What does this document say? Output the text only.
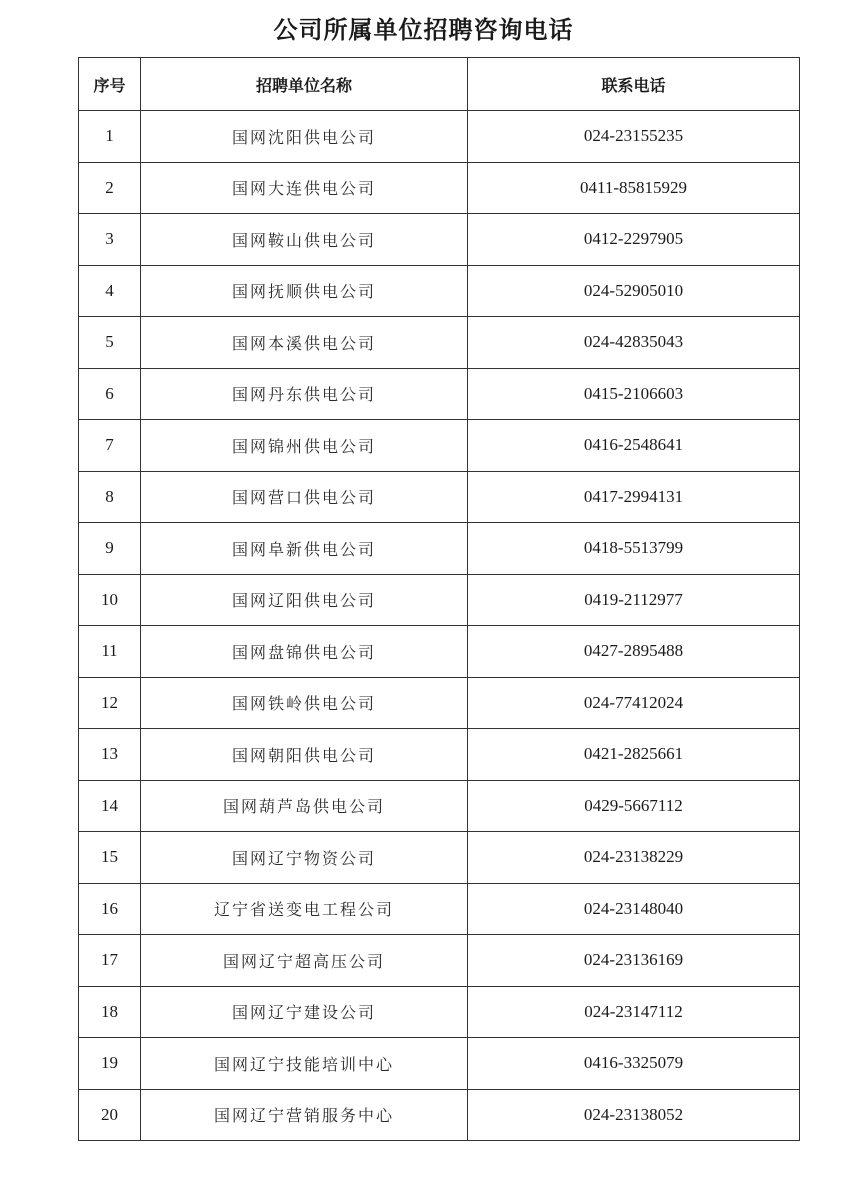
公司所属单位招聘咨询电话
序号	招聘单位名称	联系电话
1	国网沈阳供电公司	024-23155235
2	国网大连供电公司	0411-85815929
3	国网鞍山供电公司	0412-2297905
4	国网抚顺供电公司	024-52905010
5	国网本溪供电公司	024-42835043
6	国网丹东供电公司	0415-2106603
7	国网锦州供电公司	0416-2548641
8	国网营口供电公司	0417-2994131
9	国网阜新供电公司	0418-5513799
10	国网辽阳供电公司	0419-2112977
11	国网盘锦供电公司	0427-2895488
12	国网铁岭供电公司	024-77412024
13	国网朝阳供电公司	0421-2825661
14	国网葫芦岛供电公司	0429-5667112
15	国网辽宁物资公司	024-23138229
16	辽宁省送变电工程公司	024-23148040
17	国网辽宁超高压公司	024-23136169
18	国网辽宁建设公司	024-23147112
19	国网辽宁技能培训中心	0416-3325079
20	国网辽宁营销服务中心	024-23138052
